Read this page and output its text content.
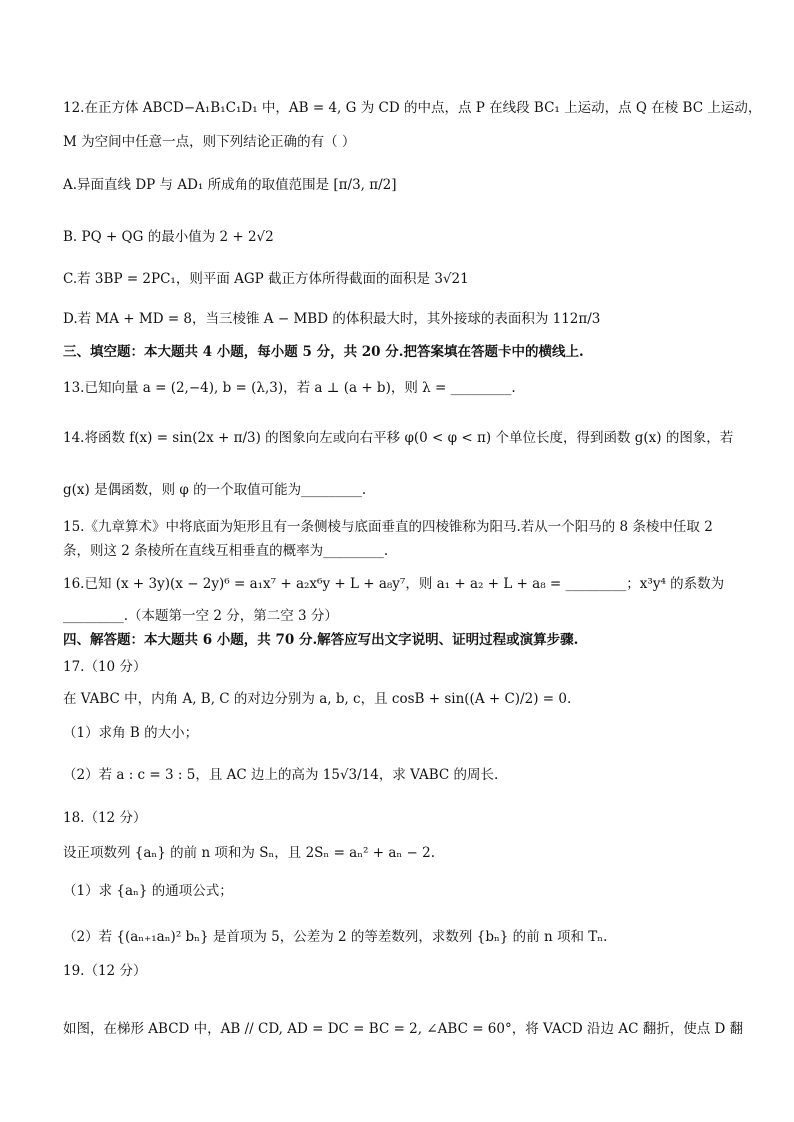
12.在正方体 ABCD−A₁B₁C₁D₁ 中，AB = 4, G 为 CD 的中点，点 P 在线段 BC₁ 上运动，点 Q 在棱 BC 上运动，
M 为空间中任意一点，则下列结论正确的有（ ）
A.异面直线 DP 与 AD₁ 所成角的取值范围是 [π/3, π/2]
B. PQ + QG 的最小值为 2 + 2√2
C.若 3BP = 2PC₁，则平面 AGP 截正方体所得截面的面积是 3√21
D.若 MA + MD = 8，当三棱锥 A − MBD 的体积最大时，其外接球的表面积为 112π/3
三、填空题：本大题共 4 小题，每小题 5 分，共 20 分.把答案填在答题卡中的横线上.
13.已知向量 a = (2,−4), b = (λ,3)，若 a ⊥ (a + b)，则 λ = _________.
14.将函数 f(x) = sin(2x + π/3) 的图象向左或向右平移 φ(0 < φ < π) 个单位长度，得到函数 g(x) 的图象，若
g(x) 是偶函数，则 φ 的一个取值可能为_________.
15.《九章算术》中将底面为矩形且有一条侧棱与底面垂直的四棱锥称为阳马.若从一个阳马的 8 条棱中任取 2
条，则这 2 条棱所在直线互相垂直的概率为_________.
16.已知 (x + 3y)(x − 2y)⁶ = a₁x⁷ + a₂x⁶y + L + a₈y⁷，则 a₁ + a₂ + L + a₈ = _________；x³y⁴ 的系数为
_________.（本题第一空 2 分，第二空 3 分）
四、解答题：本大题共 6 小题，共 70 分.解答应写出文字说明、证明过程或演算步骤.
17.（10 分）
在 VABC 中，内角 A, B, C 的对边分别为 a, b, c，且 cosB + sin((A + C)/2) = 0.
（1）求角 B 的大小；
（2）若 a : c = 3 : 5，且 AC 边上的高为 15√3/14，求 VABC 的周长.
18.（12 分）
设正项数列 {aₙ} 的前 n 项和为 Sₙ，且 2Sₙ = aₙ² + aₙ − 2.
（1）求 {aₙ} 的通项公式；
（2）若 {(aₙ₊₁aₙ)² bₙ} 是首项为 5，公差为 2 的等差数列，求数列 {bₙ} 的前 n 项和 Tₙ.
19.（12 分）
如图，在梯形 ABCD 中，AB // CD, AD = DC = BC = 2, ∠ABC = 60°，将 VACD 沿边 AC 翻折，使点 D 翻
